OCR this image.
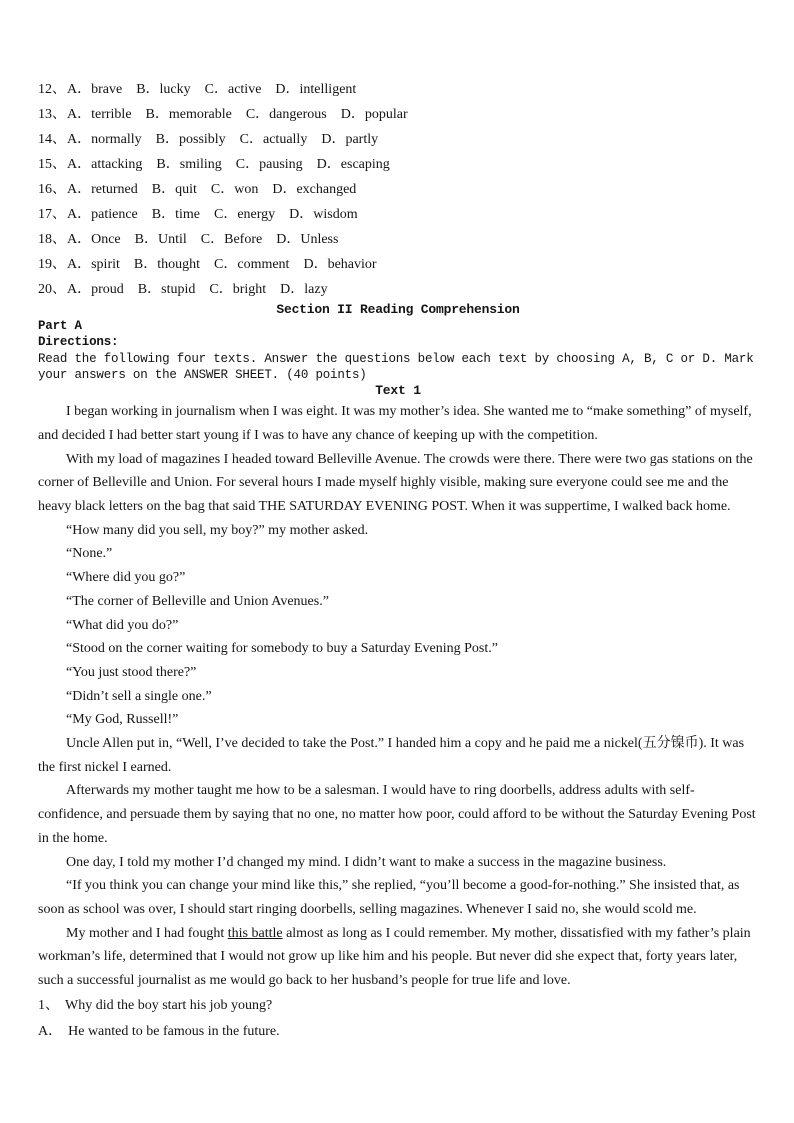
12、A．brave B．lucky C．active D．intelligent
13、A．terrible B．memorable C．dangerous D．popular
14、A．normally B．possibly C．actually D．partly
15、A．attacking B．smiling C．pausing D．escaping
16、A．returned B．quit C．won D．exchanged
17、A．patience B．time C．energy D．wisdom
18、A．Once B．Until C．Before D．Unless
19、A．spirit B．thought C．comment D．behavior
20、A．proud B．stupid C．bright D．lazy
Section II Reading Comprehension
Part A
Directions:
Read the following four texts. Answer the questions below each text by choosing A, B, C or D. Mark your answers on the ANSWER SHEET. (40 points)
Text 1
I began working in journalism when I was eight. It was my mother’s idea. She wanted me to “make something” of myself, and decided I had better start young if I was to have any chance of keeping up with the competition.
With my load of magazines I headed toward Belleville Avenue. The crowds were there. There were two gas stations on the corner of Belleville and Union. For several hours I made myself highly visible, making sure everyone could see me and the heavy black letters on the bag that said THE SATURDAY EVENING POST. When it was suppertime, I walked back home.
“How many did you sell, my boy?” my mother asked.
“None.”
“Where did you go?”
“The corner of Belleville and Union Avenues.”
“What did you do?”
“Stood on the corner waiting for somebody to buy a Saturday Evening Post.”
“You just stood there?”
“Didn’t sell a single one.”
“My God, Russell!”
Uncle Allen put in, “Well, I’ve decided to take the Post.” I handed him a copy and he paid me a nickel(五分镍币). It was the first nickel I earned.
Afterwards my mother taught me how to be a salesman. I would have to ring doorbells, address adults with self-confidence, and persuade them by saying that no one, no matter how poor, could afford to be without the Saturday Evening Post in the home.
One day, I told my mother I’d changed my mind. I didn’t want to make a success in the magazine business.
“If you think you can change your mind like this,” she replied, “you’ll become a good-for-nothing.” She insisted that, as soon as school was over, I should start ringing doorbells, selling magazines. Whenever I said no, she would scold me.
My mother and I had fought this battle almost as long as I could remember. My mother, dissatisfied with my father’s plain workman’s life, determined that I would not grow up like him and his people. But never did she expect that, forty years later, such a successful journalist as me would go back to her husband’s people for true life and love.
1、 Why did the boy start his job young?
A． He wanted to be famous in the future.
